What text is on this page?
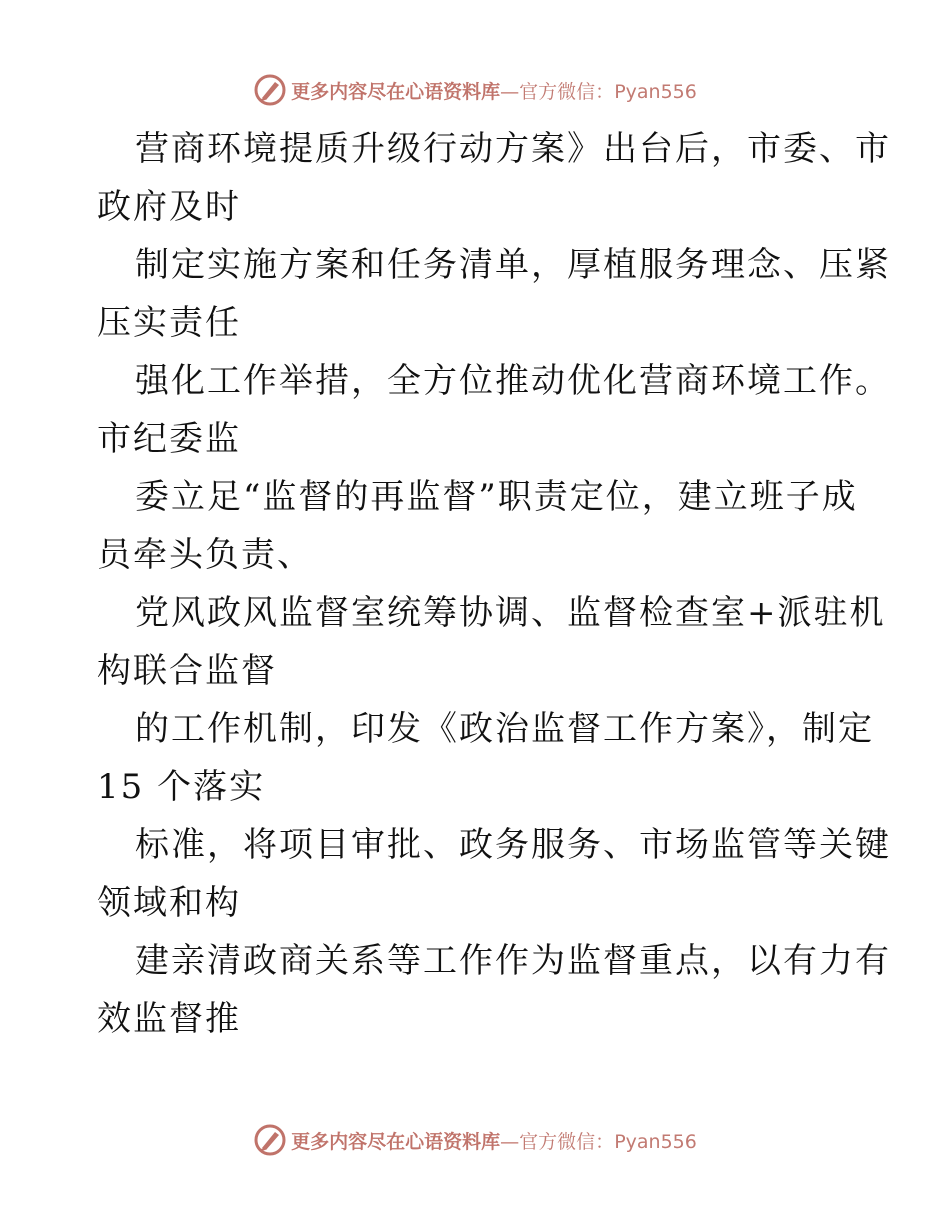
更多内容尽在心语资料库—官方微信：Pyan556

营商环境提质升级行动方案》出台后，市委、市
政府及时

制定实施方案和任务清单，厚植服务理念、压紧
压实责任

强化工作举措，全方位推动优化营商环境工作。
市纪委监

委立足“监督的再监督”职责定位，建立班子成
员牵头负责、

党风政风监督室统筹协调、监督检查室+派驻机
构联合监督

的工作机制，印发《政治监督工作方案》，制定
15 个落实

标准，将项目审批、政务服务、市场监管等关键
领域和构

建亲清政商关系等工作作为监督重点，以有力有
效监督推

更多内容尽在心语资料库—官方微信：Pyan556
